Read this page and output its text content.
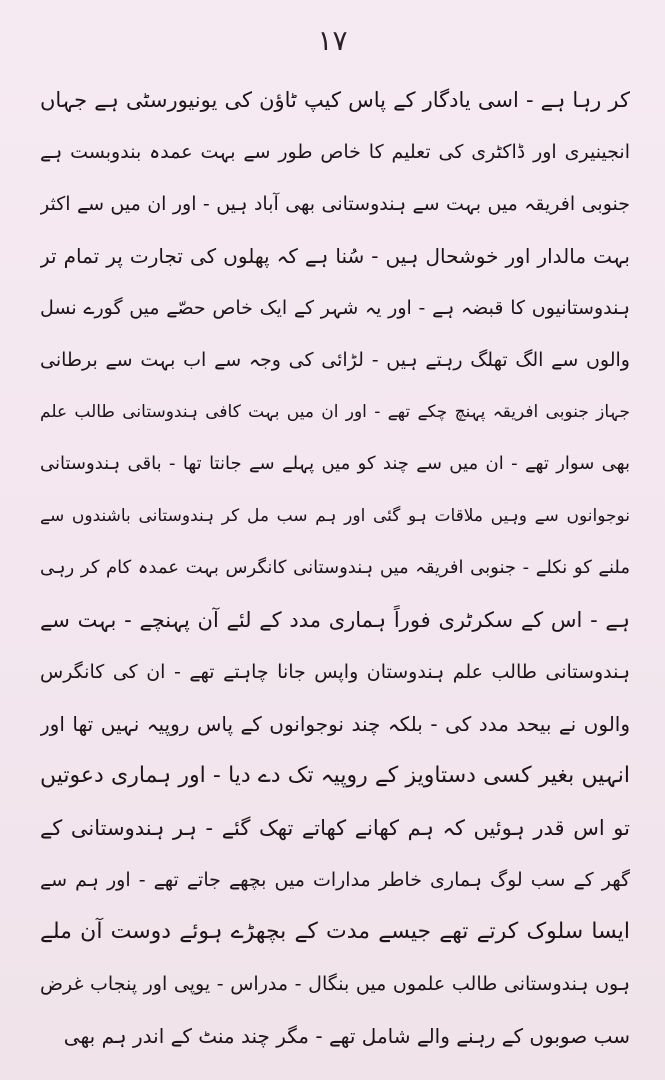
۱۷
کر رہا ہے - اسی یادگار کے پاس کیپ ٹاؤن کی یونیورسٹی ہے جہاں
انجینیری اور ڈاکٹری کی تعلیم کا خاص طور سے بہت عمدہ بندوبست ہے
جنوبی افریقہ میں بہت سے ہندوستانی بھی آباد ہیں - اور ان میں سے اکثر
بہت مالدار اور خوشحال ہیں - سُنا ہے کہ پھلوں کی تجارت پر تمام تر
ہندوستانیوں کا قبضہ ہے - اور یہ شہر کے ایک خاص حصّے میں گورے نسل
والوں سے الگ تھلگ رہتے ہیں - لڑائی کی وجہ سے اب بہت سے برطانی
جہاز جنوبی افریقہ پہنچ چکے تھے - اور ان میں بہت کافی ہندوستانی طالب علم
بھی سوار تھے - ان میں سے چند کو میں پہلے سے جانتا تھا - باقی ہندوستانی
نوجوانوں سے وہیں ملاقات ہو گئی اور ہم سب مل کر ہندوستانی باشندوں سے
ملنے کو نکلے - جنوبی افریقہ میں ہندوستانی کانگرس بہت عمدہ کام کر رہی
ہے - اس کے سکرٹری فوراً ہماری مدد کے لئے آن پہنچے - بہت سے
ہندوستانی طالب علم ہندوستان واپس جانا چاہتے تھے - ان کی کانگرس
والوں نے بیحد مدد کی - بلکہ چند نوجوانوں کے پاس روپیہ نہیں تھا اور
انہیں بغیر کسی دستاویز کے روپیہ تک دے دیا - اور ہماری دعوتیں
تو اس قدر ہوئیں کہ ہم کھانے کھاتے تھک گئے - ہر ہندوستانی کے
گھر کے سب لوگ ہماری خاطر مدارات میں بچھے جاتے تھے - اور ہم سے
ایسا سلوک کرتے تھے جیسے مدت کے بچھڑے ہوئے دوست آن ملے
ہوں ہندوستانی طالب علموں میں بنگال - مدراس - یوپی اور پنجاب غرض
سب صوبوں کے رہنے والے شامل تھے - مگر چند منٹ کے اندر ہم بھی
